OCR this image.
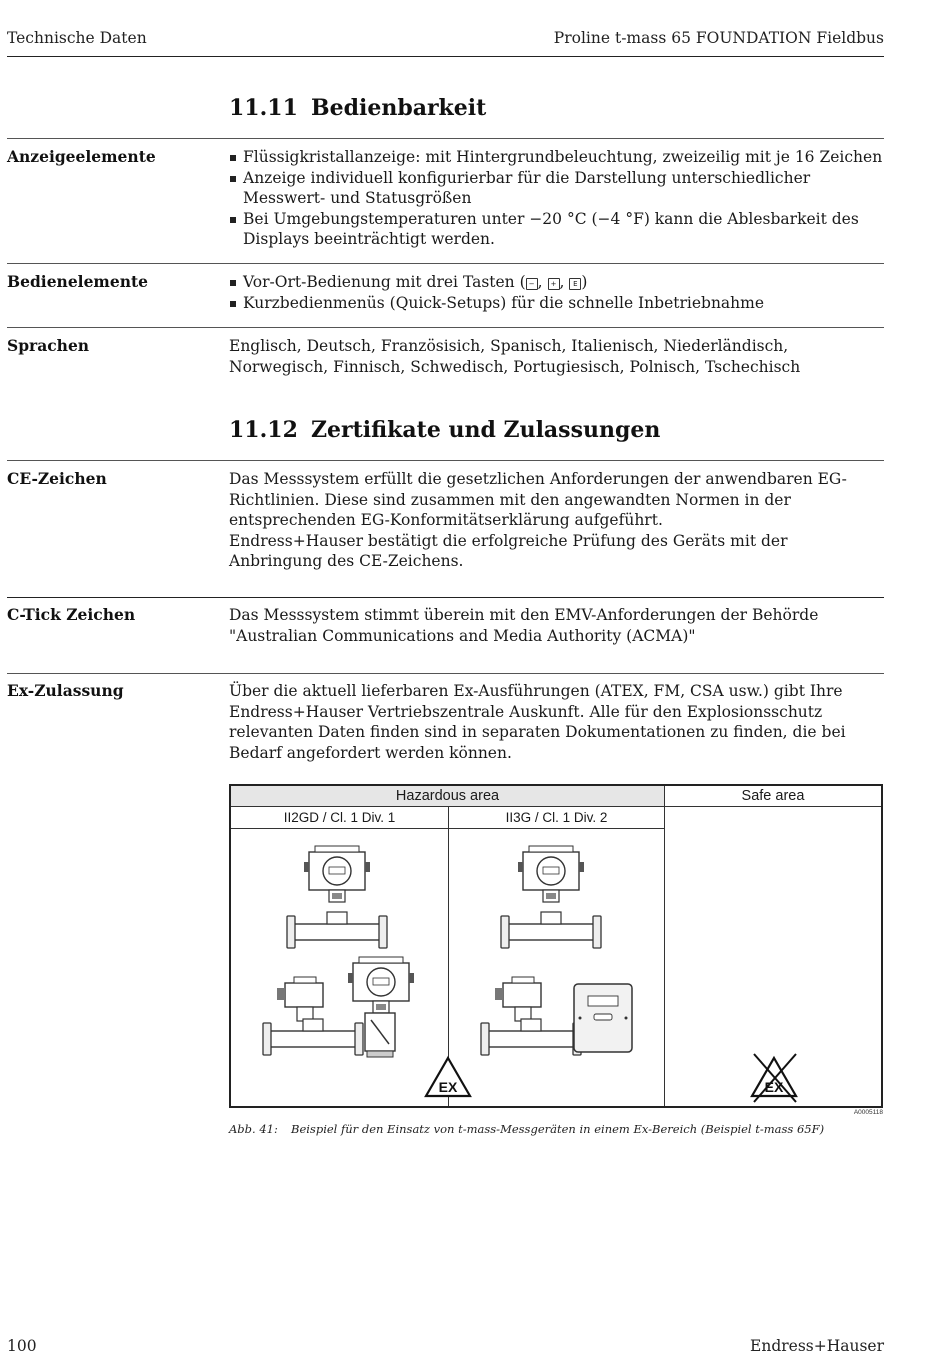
Technische Daten	Proline t-mass 65 FOUNDATION Fieldbus
11.11 Bedienbarkeit
Anzeigeelemente	Flüssigkristallanzeige: mit Hintergrundbeleuchtung, zweizeilig mit je 16 Zeichen
Anzeige individuell konfigurierbar für die Darstellung unterschiedlicher Messwert- und Statusgrößen
Bei Umgebungstemperaturen unter −20 °C (−4 °F) kann die Ablesbarkeit des Displays beeinträchtigt werden.
Bedienelemente	Vor-Ort-Bedienung mit drei Tasten ( − , + , E )
Kurzbedienmenüs (Quick-Setups) für die schnelle Inbetriebnahme
Sprachen	Englisch, Deutsch, Französisich, Spanisch, Italienisch, Niederländisch, Norwegisch, Finnisch, Schwedisch, Portugiesisch, Polnisch, Tschechisch
11.12 Zertifikate und Zulassungen
CE-Zeichen	Das Messsystem erfüllt die gesetzlichen Anforderungen der anwendbaren EG-Richtlinien. Diese sind zusammen mit den angewandten Normen in der entsprechenden EG-Konformitätserklärung aufgeführt.

Endress+Hauser bestätigt die erfolgreiche Prüfung des Geräts mit der Anbringung des CE-Zeichens.

C-Tick Zeichen	Das Messsystem stimmt überein mit den EMV-Anforderungen der Behörde "Australian Communications and Media Authority (ACMA)"
Ex-Zulassung	Über die aktuell lieferbaren Ex-Ausführungen (ATEX, FM, CSA usw.) gibt Ihre Endress+Hauser Vertriebszentrale Auskunft. Alle für den Explosionsschutz relevanten Daten finden sind in separaten Dokumentationen zu finden, die bei Bedarf angefordert werden können.
Hazardous area	Safe area
II2GD / Cl. 1 Div. 1	II3G / Cl. 1 Div. 2
EX
A0005118
Abb. 41: Beispiel für den Einsatz von t-mass-Messgeräten in einem Ex-Bereich (Beispiel t-mass 65F)
100	Endress+Hauser
